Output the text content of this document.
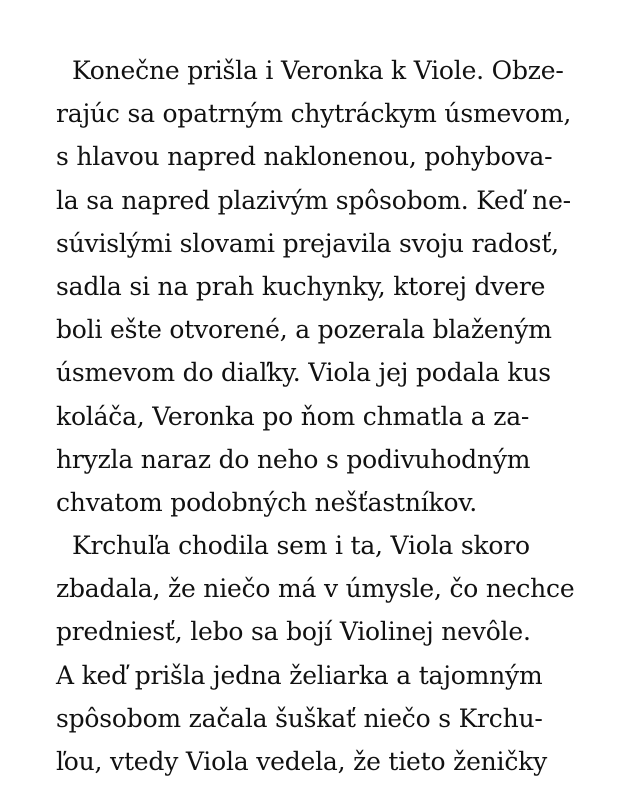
Konečne prišla i Veronka k Viole. Obze-
rajúc sa opatrným chytráckym úsmevom,
s hlavou napred naklonenou, pohybova-
la sa napred plazivým spôsobom. Keď ne-
súvislými slovami prejavila svoju radosť,
sadla si na prah kuchynky, ktorej dvere
boli ešte otvorené, a pozerala blaženým
úsmevom do diaľky. Viola jej podala kus
koláča, Veronka po ňom chmatla a za-
hryzla naraz do neho s podivuhodným
chvatom podobných nešťastníkov.
Krchuľa chodila sem i ta, Viola skoro
zbadala, že niečo má v úmysle, čo nechce
predniesť, lebo sa bojí Violinej nevôle.
A keď prišla jedna želiarka a tajomným
spôsobom začala šuškať niečo s Krchu-
ľou, vtedy Viola vedela, že tieto ženičky
